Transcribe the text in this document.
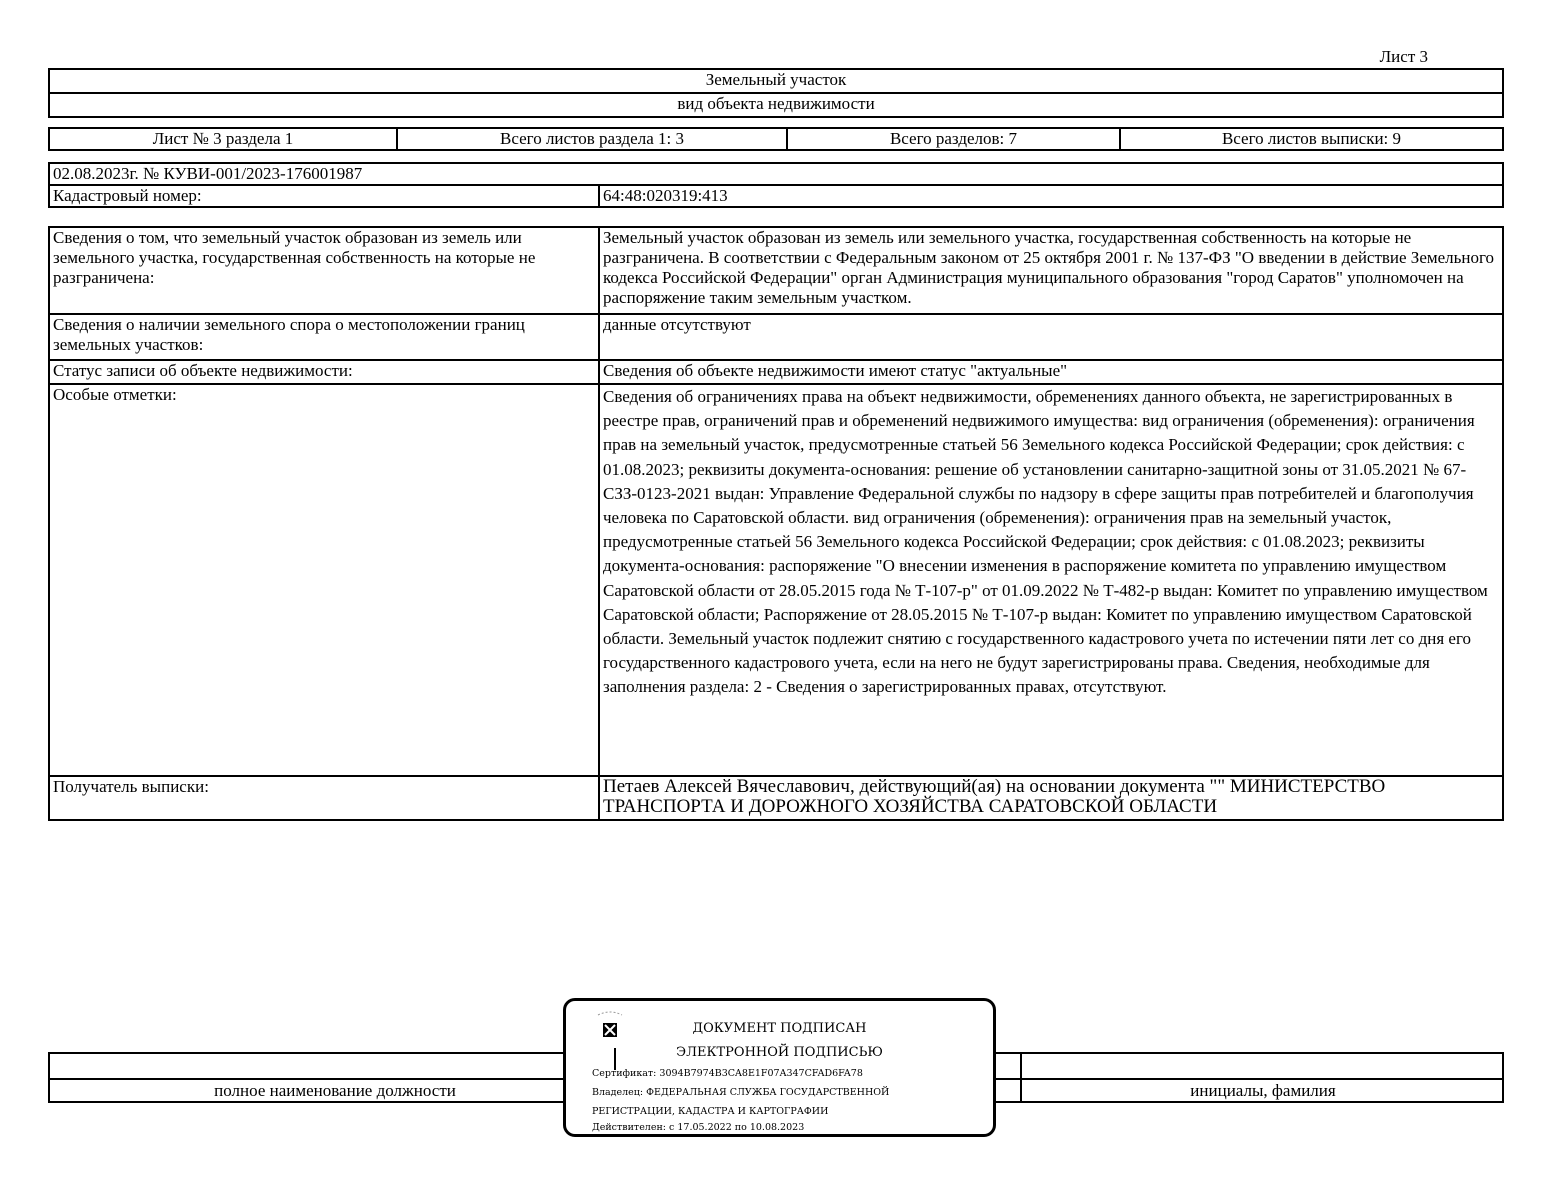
Лист 3
Земельный участок
вид объекта недвижимости
Лист № 3 раздела 1	Всего листов раздела 1: 3	Всего разделов: 7	Всего листов выписки: 9
02.08.2023г. № КУВИ-001/2023-176001987
Кадастровый номер:	64:48:020319:413
Сведения о том, что земельный участок образован из земель или земельного участка, государственная собственность на которые не разграничена:	Земельный участок образован из земель или земельного участка, государственная собственность на которые не разграничена. В соответствии с Федеральным законом от 25 октября 2001 г. № 137-ФЗ "О введении в действие Земельного кодекса Российской Федерации" орган Администрация муниципального образования "город Саратов" уполномочен на распоряжение таким земельным участком.
Сведения о наличии земельного спора о местоположении границ земельных участков:	данные отсутствуют
Статус записи об объекте недвижимости:	Сведения об объекте недвижимости имеют статус "актуальные"
Особые отметки:	Сведения об ограничениях права на объект недвижимости, обременениях данного объекта, не зарегистрированных в реестре прав, ограничений прав и обременений недвижимого имущества: вид ограничения (обременения): ограничения прав на земельный участок, предусмотренные статьей 56 Земельного кодекса Российской Федерации; срок действия: с 01.08.2023; реквизиты документа-основания: решение об установлении санитарно-защитной зоны от 31.05.2021 № 67-СЗЗ-0123-2021 выдан: Управление Федеральной службы по надзору в сфере защиты прав потребителей и благополучия человека по Саратовской области. вид ограничения (обременения): ограничения прав на земельный участок, предусмотренные статьей 56 Земельного кодекса Российской Федерации; срок действия: с 01.08.2023; реквизиты документа-основания: распоряжение "О внесении изменения в распоряжение комитета по управлению имуществом Саратовской области от 28.05.2015 года № Т-107-р" от 01.09.2022 № Т-482-р выдан: Комитет по управлению имуществом Саратовской области; Распоряжение от 28.05.2015 № Т-107-р выдан: Комитет по управлению имуществом Саратовской области. Земельный участок подлежит снятию с государственного кадастрового учета по истечении пяти лет со дня его государственного кадастрового учета, если на него не будут зарегистрированы права. Сведения, необходимые для заполнения раздела: 2 - Сведения о зарегистрированных правах, отсутствуют.
Получатель выписки:	Петаев Алексей Вячеславович, действующий(ая) на основании документа "" МИНИСТЕРСТВО ТРАНСПОРТА И ДОРОЖНОГО ХОЗЯЙСТВА САРАТОВСКОЙ ОБЛАСТИ
полное наименование должности	инициалы, фамилия
ДОКУМЕНТ ПОДПИСАН
ЭЛЕКТРОННОЙ ПОДПИСЬЮ
Сертификат: 3094B7974B3CA8E1F07A347CFAD6FA78
Владелец: ФЕДЕРАЛЬНАЯ СЛУЖБА ГОСУДАРСТВЕННОЙ
РЕГИСТРАЦИИ, КАДАСТРА И КАРТОГРАФИИ
Действителен: с 17.05.2022 по 10.08.2023
